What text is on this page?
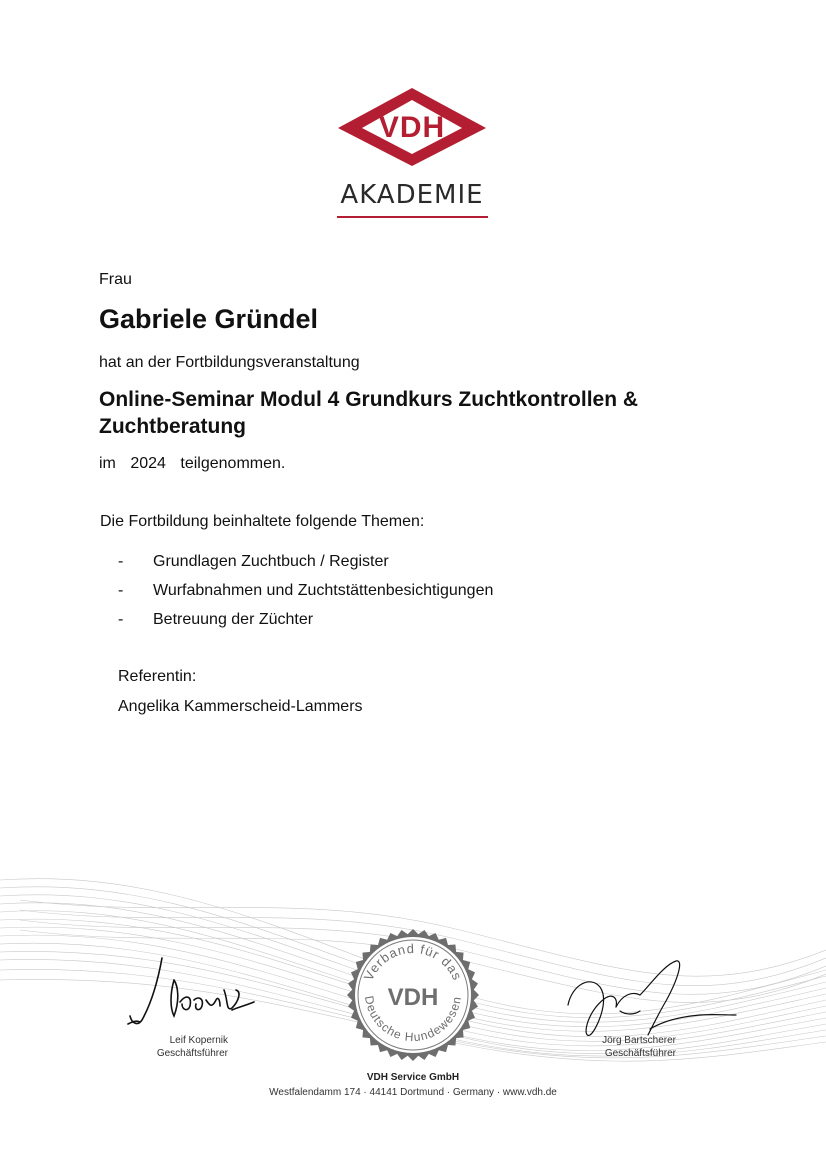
VDH
AKADEMIE
Frau
Gabriele Gründel
hat an der Fortbildungsveranstaltung
Online-Seminar Modul 4 Grundkurs Zuchtkontrollen & Zuchtberatung
im 2024 teilgenommen.
Die Fortbildung beinhaltete folgende Themen:
- Grundlagen Zuchtbuch / Register
- Wurfabnahmen und Zuchtstättenbesichtigungen
- Betreuung der Züchter
Referentin:
Angelika Kammerscheid-Lammers
Verband für das
VDH
Deutsche Hundewesen
Leif Kopernik
Geschäftsführer
Jörg Bartscherer
Geschäftsführer
VDH Service GmbH
Westfalendamm 174 · 44141 Dortmund · Germany · www.vdh.de
